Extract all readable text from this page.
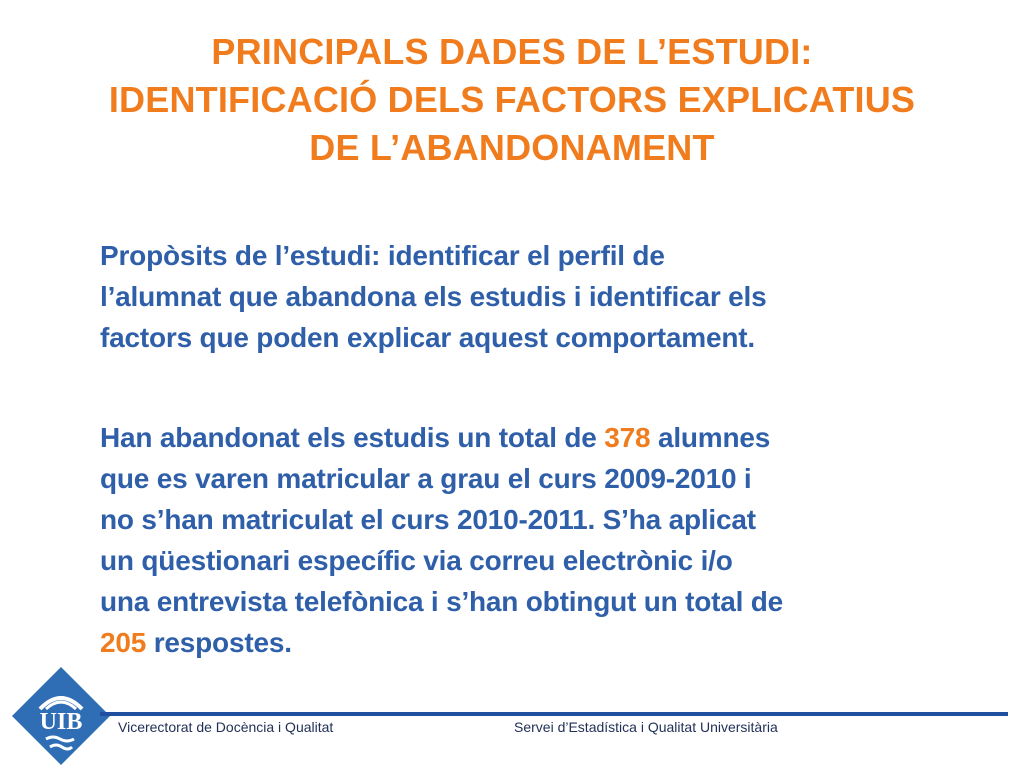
PRINCIPALS DADES DE L’ESTUDI:
IDENTIFICACIÓ DELS FACTORS EXPLICATIUS
DE L’ABANDONAMENT

Propòsits de l’estudi: identificar el perfil de
l’alumnat que abandona els estudis i identificar els
factors que poden explicar aquest comportament.

Han abandonat els estudis un total de 378 alumnes
que es varen matricular a grau el curs 2009-2010 i
no s’han matriculat el curs 2010-2011. S’ha aplicat
un qüestionari específic via correu electrònic i/o
una entrevista telefònica i s’han obtingut un total de
205 respostes.

UIB	Vicerectorat de Docència i Qualitat	Servei d’Estadística i Qualitat Universitària
